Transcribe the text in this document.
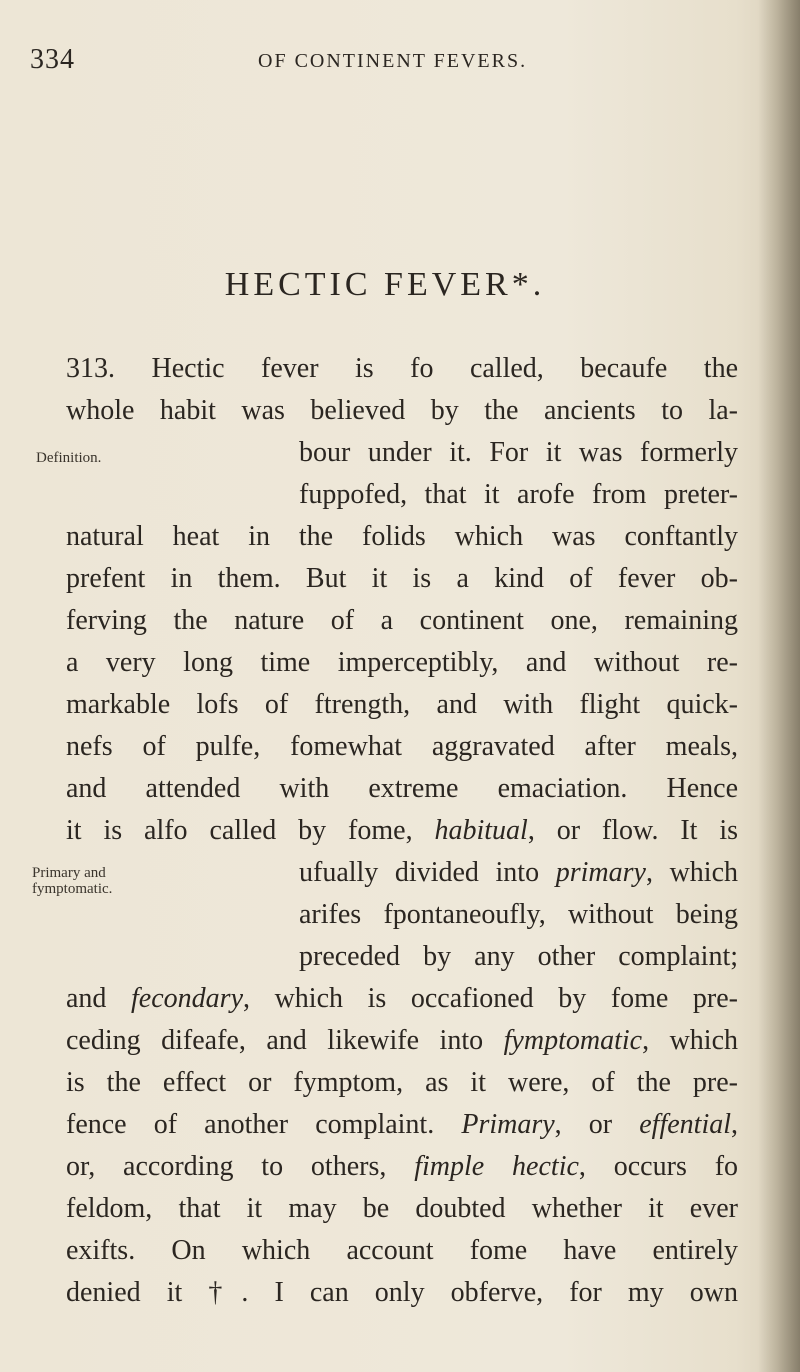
334	OF CONTINENT FEVERS.
HECTIC FEVER*.
Definition.
Primary and
fymptomatic.
313. Hectic fever is fo called, becaufe the
whole habit was believed by the ancients to la-
bour under it. For it was formerly
fuppofed, that it arofe from preter-
natural heat in the folids which was conftantly
prefent in them. But it is a kind of fever ob-
ferving the nature of a continent one, remaining
a very long time imperceptibly, and without re-
markable lofs of ftrength, and with flight quick-
nefs of pulfe, fomewhat aggravated after meals,
and attended with extreme emaciation. Hence
it is alfo called by fome, habitual, or flow. It is
ufually divided into primary, which
arifes fpontaneoufly, without being
preceded by any other complaint;
and fecondary, which is occafioned by fome pre-
ceding difeafe, and likewife into fymptomatic, which
is the effect or fymptom, as it were, of the pre-
fence of another complaint. Primary, or effential,
or, according to others, fimple hectic, occurs fo
feldom, that it may be doubted whether it ever
exifts. On which account fome have entirely
denied it †. I can only obferve, for my own
